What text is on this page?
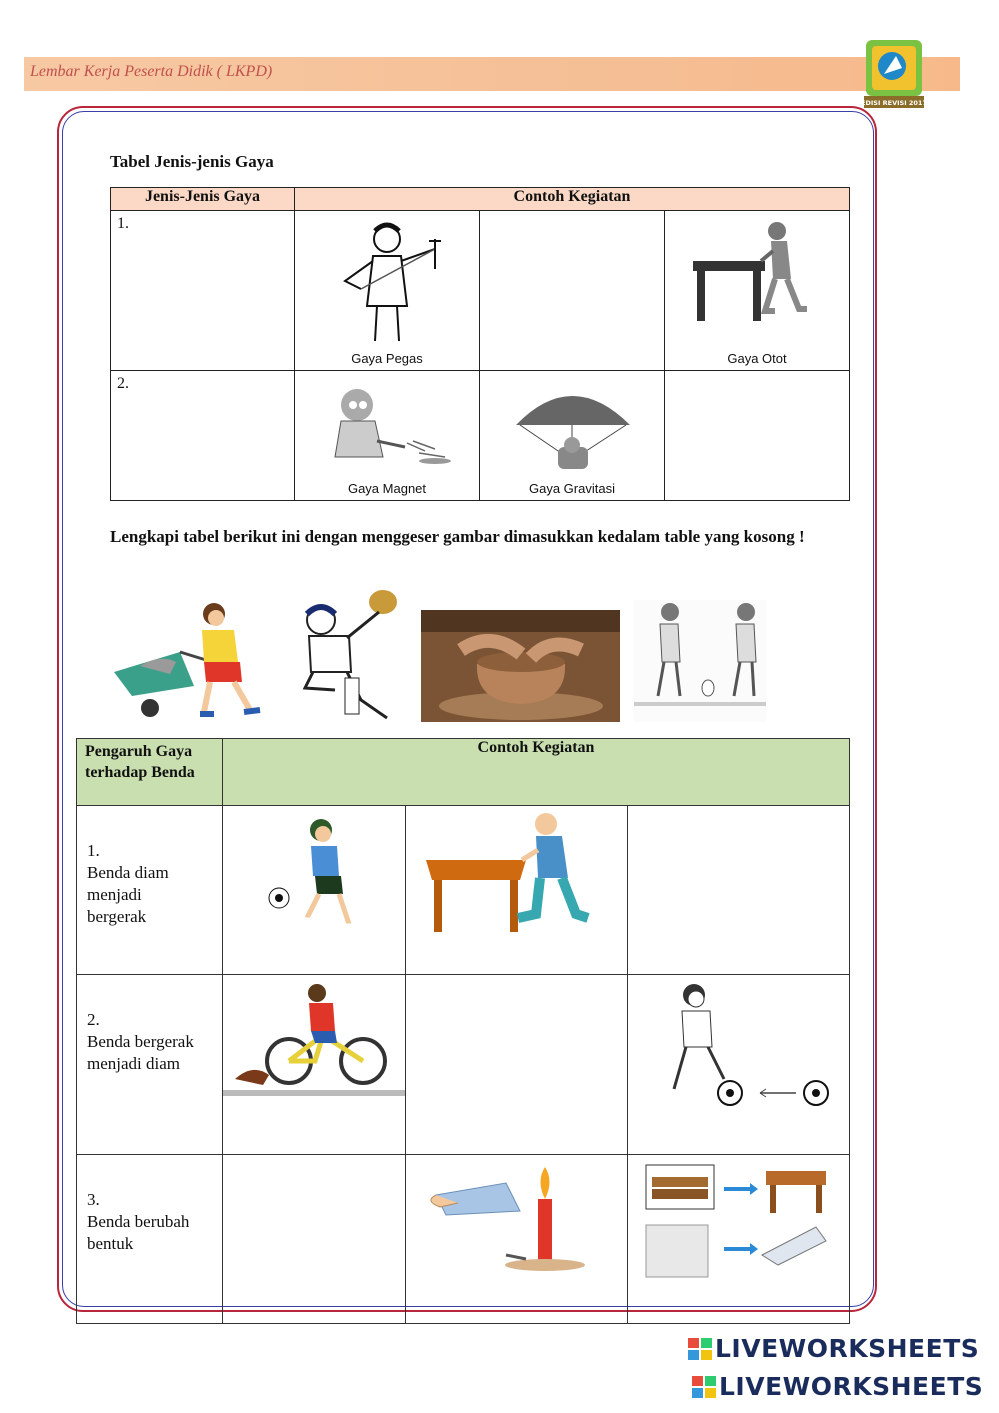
Lembar Kerja Peserta Didik ( LKPD)
EDISI REVISI 2017
Tabel Jenis-jenis Gaya
Jenis-Jenis Gaya	Contoh Kegiatan		
1.	Gaya Pegas		Gaya Otot

2.	Gaya Magnet	Gaya Gravitasi	

Lengkapi tabel berikut ini dengan menggeser gambar dimasukkan kedalam table yang kosong !
Pengaruh Gaya terhadap Benda	Contoh Kegiatan		
1.Benda diam menjadi bergerak			
2.Benda bergerak menjadi diam			
3.Benda berubah bentuk			
LIVEWORKSHEETS
LIVEWORKSHEETS
